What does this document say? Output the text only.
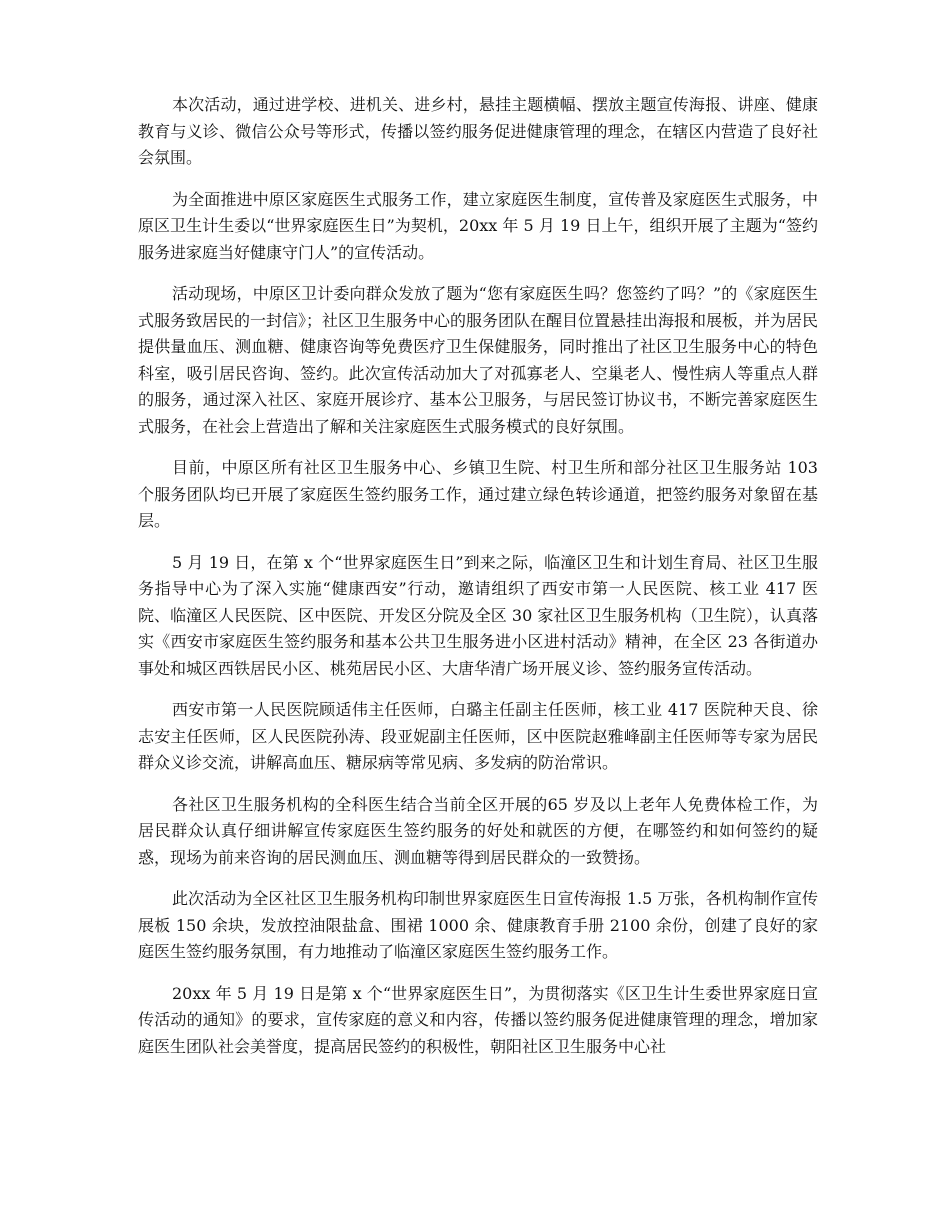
本次活动，通过进学校、进机关、进乡村，悬挂主题横幅、摆放主题宣传海报、讲座、健康教育与义诊、微信公众号等形式，传播以签约服务促进健康管理的理念，在辖区内营造了良好社会氛围。

为全面推进中原区家庭医生式服务工作，建立家庭医生制度，宣传普及家庭医生式服务，中原区卫生计生委以“世界家庭医生日”为契机，20xx 年 5 月 19 日上午，组织开展了主题为“签约服务进家庭当好健康守门人”的宣传活动。

活动现场，中原区卫计委向群众发放了题为“您有家庭医生吗？您签约了吗？”的《家庭医生式服务致居民的一封信》；社区卫生服务中心的服务团队在醒目位置悬挂出海报和展板，并为居民提供量血压、测血糖、健康咨询等免费医疗卫生保健服务，同时推出了社区卫生服务中心的特色科室，吸引居民咨询、签约。此次宣传活动加大了对孤寡老人、空巢老人、慢性病人等重点人群的服务，通过深入社区、家庭开展诊疗、基本公卫服务，与居民签订协议书，不断完善家庭医生式服务，在社会上营造出了解和关注家庭医生式服务模式的良好氛围。

目前，中原区所有社区卫生服务中心、乡镇卫生院、村卫生所和部分社区卫生服务站 103 个服务团队均已开展了家庭医生签约服务工作，通过建立绿色转诊通道，把签约服务对象留在基层。

5 月 19 日，在第 x 个“世界家庭医生日”到来之际，临潼区卫生和计划生育局、社区卫生服务指导中心为了深入实施“健康西安”行动，邀请组织了西安市第一人民医院、核工业 417 医院、临潼区人民医院、区中医院、开发区分院及全区 30 家社区卫生服务机构（卫生院），认真落实《西安市家庭医生签约服务和基本公共卫生服务进小区进村活动》精神，在全区 23 各街道办事处和城区西铁居民小区、桃苑居民小区、大唐华清广场开展义诊、签约服务宣传活动。

西安市第一人民医院顾适伟主任医师，白璐主任副主任医师，核工业 417 医院种天良、徐志安主任医师，区人民医院孙涛、段亚妮副主任医师，区中医院赵雅峰副主任医师等专家为居民群众义诊交流，讲解高血压、糖尿病等常见病、多发病的防治常识。

各社区卫生服务机构的全科医生结合当前全区开展的65 岁及以上老年人免费体检工作，为居民群众认真仔细讲解宣传家庭医生签约服务的好处和就医的方便，在哪签约和如何签约的疑惑，现场为前来咨询的居民测血压、测血糖等得到居民群众的一致赞扬。

此次活动为全区社区卫生服务机构印制世界家庭医生日宣传海报 1.5 万张，各机构制作宣传展板 150 余块，发放控油限盐盒、围裙 1000 余、健康教育手册 2100 余份，创建了良好的家庭医生签约服务氛围，有力地推动了临潼区家庭医生签约服务工作。

20xx 年 5 月 19 日是第 x 个“世界家庭医生日”，为贯彻落实《区卫生计生委世界家庭日宣传活动的通知》的要求，宣传家庭的意义和内容，传播以签约服务促进健康管理的理念，增加家庭医生团队社会美誉度，提高居民签约的积极性，朝阳社区卫生服务中心社
